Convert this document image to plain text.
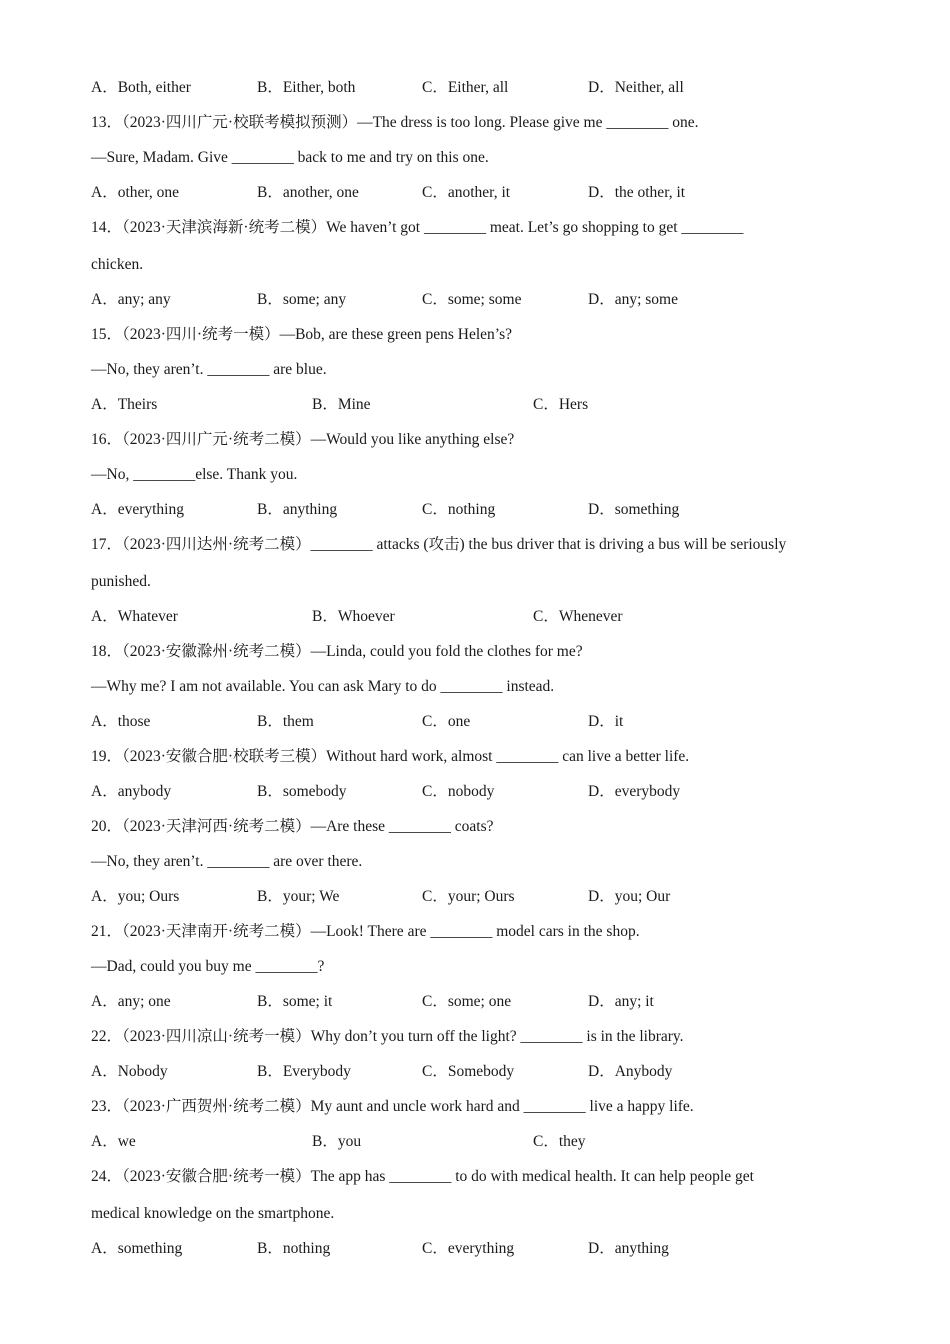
A．Both, either	B．Either, both	C．Either, all	D．Neither, all
13．（2023·四川广元·校联考模拟预测）—The dress is too long. Please give me ________ one.
—Sure, Madam. Give ________ back to me and try on this one.
A．other, one	B．another, one	C．another, it	D．the other, it
14．（2023·天津滨海新·统考二模）We haven’t got ________ meat. Let’s go shopping to get ________
chicken.
A．any; any	B．some; any	C．some; some	D．any; some
15．（2023·四川·统考一模）—Bob, are these green pens Helen’s?
—No, they aren’t. ________ are blue.
A．Theirs	B．Mine	C．Hers
16．（2023·四川广元·统考二模）—Would you like anything else?
—No, ________else. Thank you.
A．everything	B．anything	C．nothing	D．something
17．（2023·四川达州·统考二模）________ attacks (攻击) the bus driver that is driving a bus will be seriously
punished.
A．Whatever	B．Whoever	C．Whenever
18．（2023·安徽滁州·统考二模）—Linda, could you fold the clothes for me?
—Why me? I am not available. You can ask Mary to do ________ instead.
A．those	B．them	C．one	D．it
19．（2023·安徽合肥·校联考三模）Without hard work, almost ________ can live a better life.
A．anybody	B．somebody	C．nobody	D．everybody
20．（2023·天津河西·统考二模）—Are these ________ coats?
—No, they aren’t. ________ are over there.
A．you; Ours	B．your; We	C．your; Ours	D．you; Our
21．（2023·天津南开·统考二模）—Look! There are ________ model cars in the shop.
—Dad, could you buy me ________?
A．any; one	B．some; it	C．some; one	D．any; it
22．（2023·四川凉山·统考一模）Why don’t you turn off the light? ________ is in the library.
A．Nobody	B．Everybody	C．Somebody	D．Anybody
23．（2023·广西贺州·统考二模）My aunt and uncle work hard and ________ live a happy life.
A．we	B．you	C．they
24．（2023·安徽合肥·统考一模）The app has ________ to do with medical health. It can help people get
medical knowledge on the smartphone.
A．something	B．nothing	C．everything	D．anything
